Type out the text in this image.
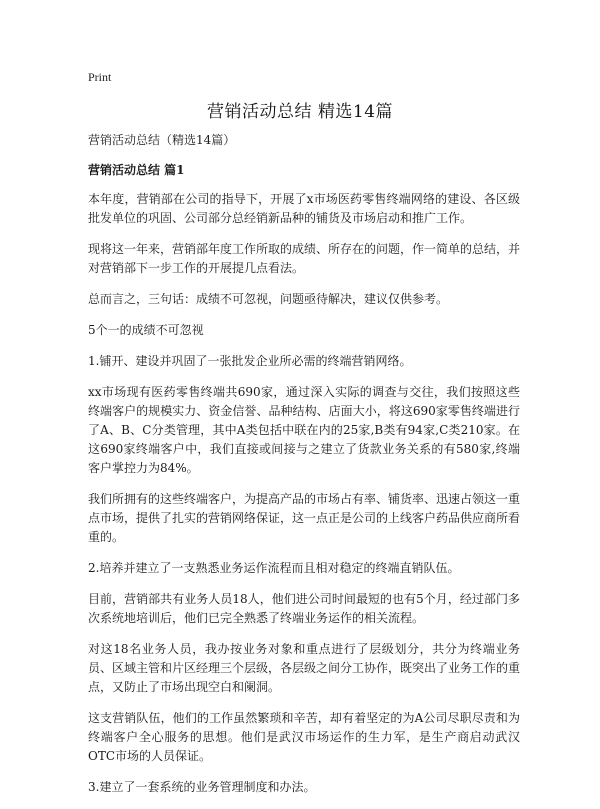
Print
营销活动总结 精选14篇

营销活动总结（精选14篇）

营销活动总结 篇1

本年度，营销部在公司的指导下，开展了x市场医药零售终端网络的建设、各区级批发单位的巩固、公司部分总经销新品种的铺货及市场启动和推广工作。

现将这一年来，营销部年度工作所取的成绩、所存在的问题，作一简单的总结，并对营销部下一步工作的开展提几点看法。

总而言之，三句话：成绩不可忽视，问题亟待解决，建议仅供参考。

5个一的成绩不可忽视

1.铺开、建设并巩固了一张批发企业所必需的终端营销网络。

xx市场现有医药零售终端共690家，通过深入实际的调查与交往，我们按照这些终端客户的规模实力、资金信誉、品种结构、店面大小，将这690家零售终端进行了A、B、C分类管理，其中A类包括中联在内的25家,B类有94家,C类210家。在这690家终端客户中，我们直接或间接与之建立了货款业务关系的有580家,终端客户掌控力为84%。

我们所拥有的这些终端客户，为提高产品的市场占有率、铺货率、迅速占领这一重点市场，提供了扎实的营销网络保证，这一点正是公司的上线客户药品供应商所看重的。

2.培养并建立了一支熟悉业务运作流程而且相对稳定的终端直销队伍。

目前，营销部共有业务人员18人，他们进公司时间最短的也有5个月，经过部门多次系统地培训后，他们已完全熟悉了终端业务运作的相关流程。

对这18名业务人员，我办按业务对象和重点进行了层级划分，共分为终端业务员、区域主管和片区经理三个层级，各层级之间分工协作，既突出了业务工作的重点，又防止了市场出现空白和阑洞。

这支营销队伍，他们的工作虽然繁琐和辛苦，却有着坚定的为A公司尽职尽责和为终端客户全心服务的思想。他们是武汉市场运作的生力军，是生产商启动武汉OTC市场的人员保证。

3.建立了一套系统的业务管理制度和办法。
